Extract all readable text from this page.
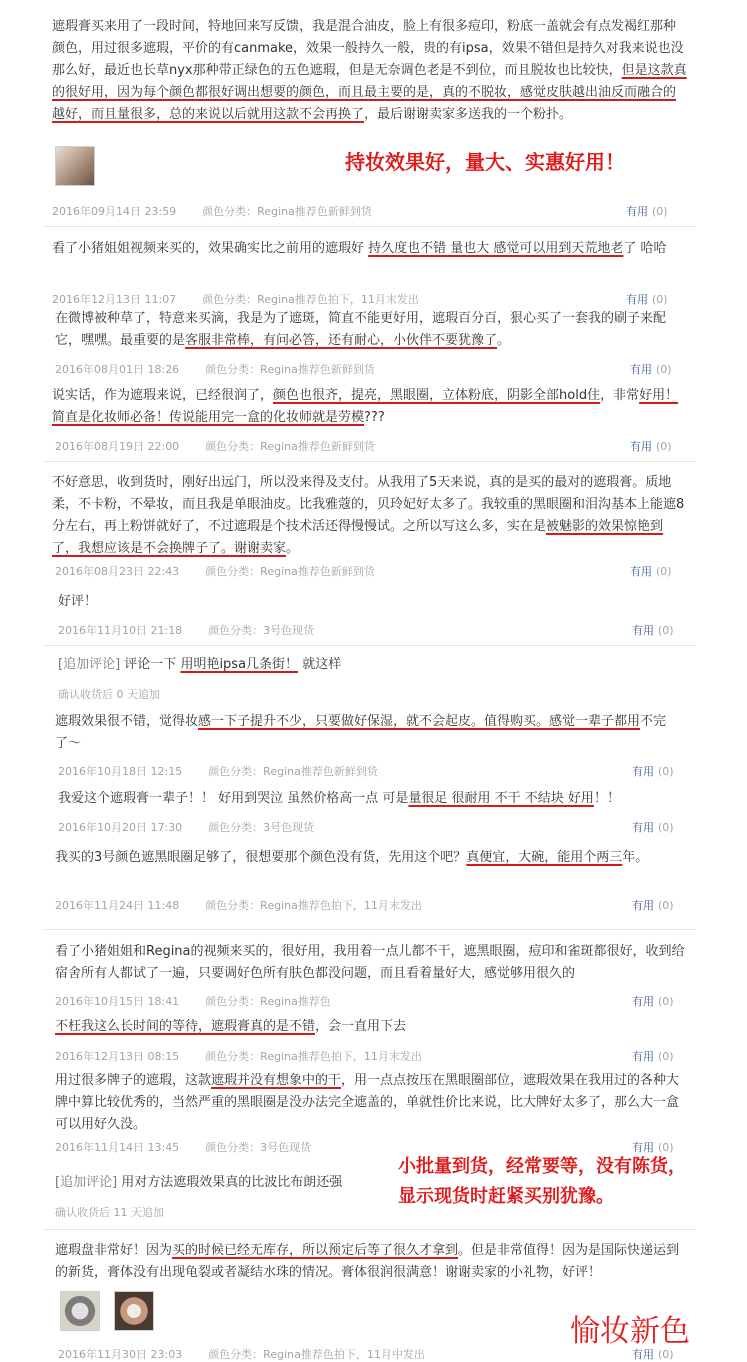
遮瑕膏买来用了一段时间，特地回来写反馈，我是混合油皮，脸上有很多痘印，粉底一盖就会有点发褐红那种颜色，用过很多遮瑕，平价的有canmake，效果一般持久一般，贵的有ipsa，效果不错但是持久对我来说也没那么好，最近也长草nyx那种带正绿色的五色遮瑕，但是无奈调色老是不到位，而且脱妆也比较快，但是这款真的很好用，因为每个颜色都很好调出想要的颜色，而且最主要的是，真的不脱妆，感觉皮肤越出油反而融合的越好，而且量很多，总的来说以后就用这款不会再换了，最后谢谢卖家多送我的一个粉扑。
持妆效果好，量大、实惠好用！
2016年09月14日 23:59 颜色分类：Regina推荐色新鲜到货	有用 (0)
看了小猪姐姐视频来买的，效果确实比之前用的遮瑕好 持久度也不错 量也大 感觉可以用到天荒地老了 哈哈
2016年12月13日 11:07 颜色分类：Regina推荐色拍下，11月末发出	有用 (0)
在微博被种草了，特意来买滴，我是为了遮斑，简直不能更好用，遮瑕百分百，狠心买了一套我的刷子来配它，嘿嘿。最重要的是客服非常棒，有问必答，还有耐心，小伙伴不要犹豫了。
2016年08月01日 18:26 颜色分类：Regina推荐色新鲜到货	有用 (0)
说实话，作为遮瑕来说，已经很润了，颜色也很齐，提亮，黑眼圈，立体粉底，阴影全部hold住，非常好用！简直是化妆师必备！传说能用完一盒的化妆师就是劳模???
2016年08月19日 22:00 颜色分类：Regina推荐色新鲜到货	有用 (0)
不好意思，收到货时，刚好出远门，所以没来得及支付。从我用了5天来说，真的是买的最对的遮瑕膏。质地柔，不卡粉，不晕妆，而且我是单眼油皮。比我雅蔻的，贝玲妃好太多了。我较重的黑眼圈和泪沟基本上能遮8分左右，再上粉饼就好了，不过遮瑕是个技术活还得慢慢试。之所以写这么多，实在是被魅影的效果惊艳到了，我想应该是不会换牌子了。谢谢卖家。
2016年08月23日 22:43 颜色分类：Regina推荐色新鲜到货	有用 (0)
好评！
2016年11月10日 21:18 颜色分类：3号色现货	有用 (0)
[追加评论] 评论一下 用明艳ipsa几条街！ 就这样
确认收货后 0 天追加
遮瑕效果很不错，觉得妆感一下子提升不少，只要做好保湿，就不会起皮。值得购买。感觉一辈子都用不完了〜
2016年10月18日 12:15 颜色分类：Regina推荐色新鲜到货	有用 (0)
我爱这个遮瑕膏一辈子！！ 好用到哭泣 虽然价格高一点 可是量很足 很耐用 不干 不结块 好用！！
2016年10月20日 17:30 颜色分类：3号色现货	有用 (0)
我买的3号颜色遮黑眼圈足够了，很想要那个颜色没有货，先用这个吧？真便宜，大碗，能用个两三年。
2016年11月24日 11:48 颜色分类：Regina推荐色拍下，11月末发出	有用 (0)
看了小猪姐姐和Regina的视频来买的，很好用，我用着一点儿都不干，遮黑眼圈，痘印和雀斑都很好，收到给宿舍所有人都试了一遍，只要调好色所有肤色都没问题，而且看着量好大，感觉够用很久的
2016年10月15日 18:41 颜色分类：Regina推荐色	有用 (0)
不枉我这么长时间的等待，遮瑕膏真的是不错，会一直用下去
2016年12月13日 08:15 颜色分类：Regina推荐色拍下，11月末发出	有用 (0)
用过很多牌子的遮瑕，这款遮瑕并没有想象中的干，用一点点按压在黑眼圈部位，遮瑕效果在我用过的各种大牌中算比较优秀的，当然严重的黑眼圈是没办法完全遮盖的，单就性价比来说，比大牌好太多了，那么大一盒可以用好久没。
2016年11月14日 13:45 颜色分类：3号色现货	有用 (0)
[追加评论] 用对方法遮瑕效果真的比波比布朗还强
确认收货后 11 天追加
小批量到货，经常要等，没有陈货，
显示现货时赶紧买别犹豫。
遮瑕盘非常好！因为买的时候已经无库存，所以预定后等了很久才拿到。但是非常值得！因为是国际快递运到的新货，膏体没有出现龟裂或者凝结水珠的情况。膏体很润很满意！谢谢卖家的小礼物，好评！
愉妆新色
2016年11月30日 23:03 颜色分类：Regina推荐色拍下，11月中发出	有用 (0)
